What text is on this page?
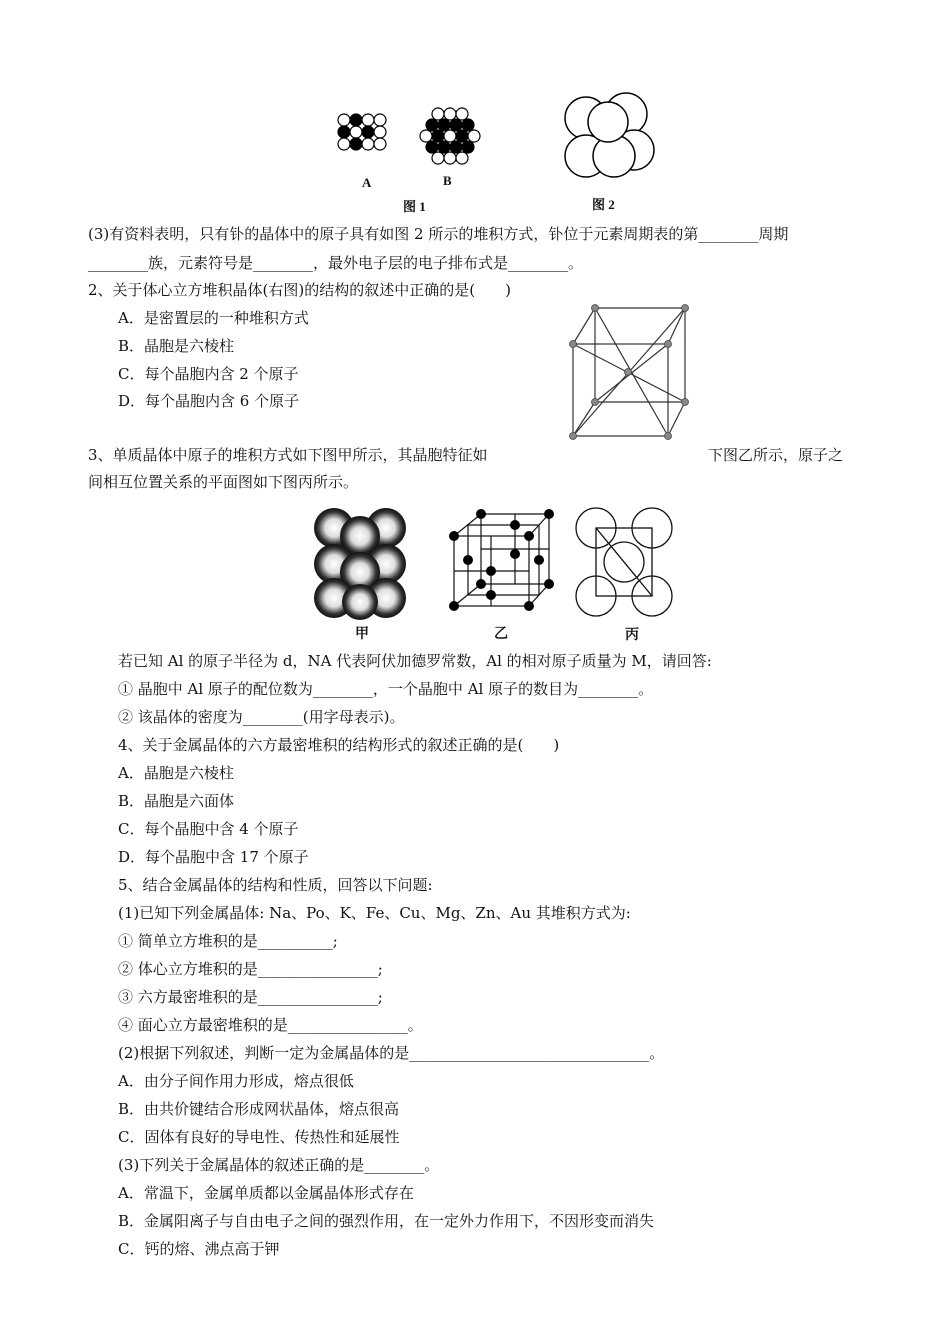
A	B
图 1	图 2
(3)有资料表明，只有钋的晶体中的原子具有如图 2 所示的堆积方式，钋位于元素周期表的第________周期
________族，元素符号是________，最外电子层的电子排布式是________。
2、关于体心立方堆积晶体(右图)的结构的叙述中正确的是(　　)
A．是密置层的一种堆积方式
B．晶胞是六棱柱
C．每个晶胞内含 2 个原子
D．每个晶胞内含 6 个原子
3、单质晶体中原子的堆积方式如下图甲所示，其晶胞特征如	下图乙所示，原子之
间相互位置关系的平面图如下图丙所示。
甲	乙	丙
若已知 Al 的原子半径为 d，NA 代表阿伏加德罗常数，Al 的相对原子质量为 M，请回答:
① 晶胞中 Al 原子的配位数为________，一个晶胞中 Al 原子的数目为________。
② 该晶体的密度为________(用字母表示)。
4、关于金属晶体的六方最密堆积的结构形式的叙述正确的是(　　)
A．晶胞是六棱柱
B．晶胞是六面体
C．每个晶胞中含 4 个原子
D．每个晶胞中含 17 个原子
5、结合金属晶体的结构和性质，回答以下问题:
(1)已知下列金属晶体: Na、Po、K、Fe、Cu、Mg、Zn、Au 其堆积方式为:
① 简单立方堆积的是__________;
② 体心立方堆积的是________________;
③ 六方最密堆积的是________________;
④ 面心立方最密堆积的是________________。
(2)根据下列叙述，判断一定为金属晶体的是________________________________。
A．由分子间作用力形成，熔点很低
B．由共价键结合形成网状晶体，熔点很高
C．固体有良好的导电性、传热性和延展性
(3)下列关于金属晶体的叙述正确的是________。
A．常温下，金属单质都以金属晶体形式存在
B．金属阳离子与自由电子之间的强烈作用，在一定外力作用下，不因形变而消失
C．钙的熔、沸点高于钾
